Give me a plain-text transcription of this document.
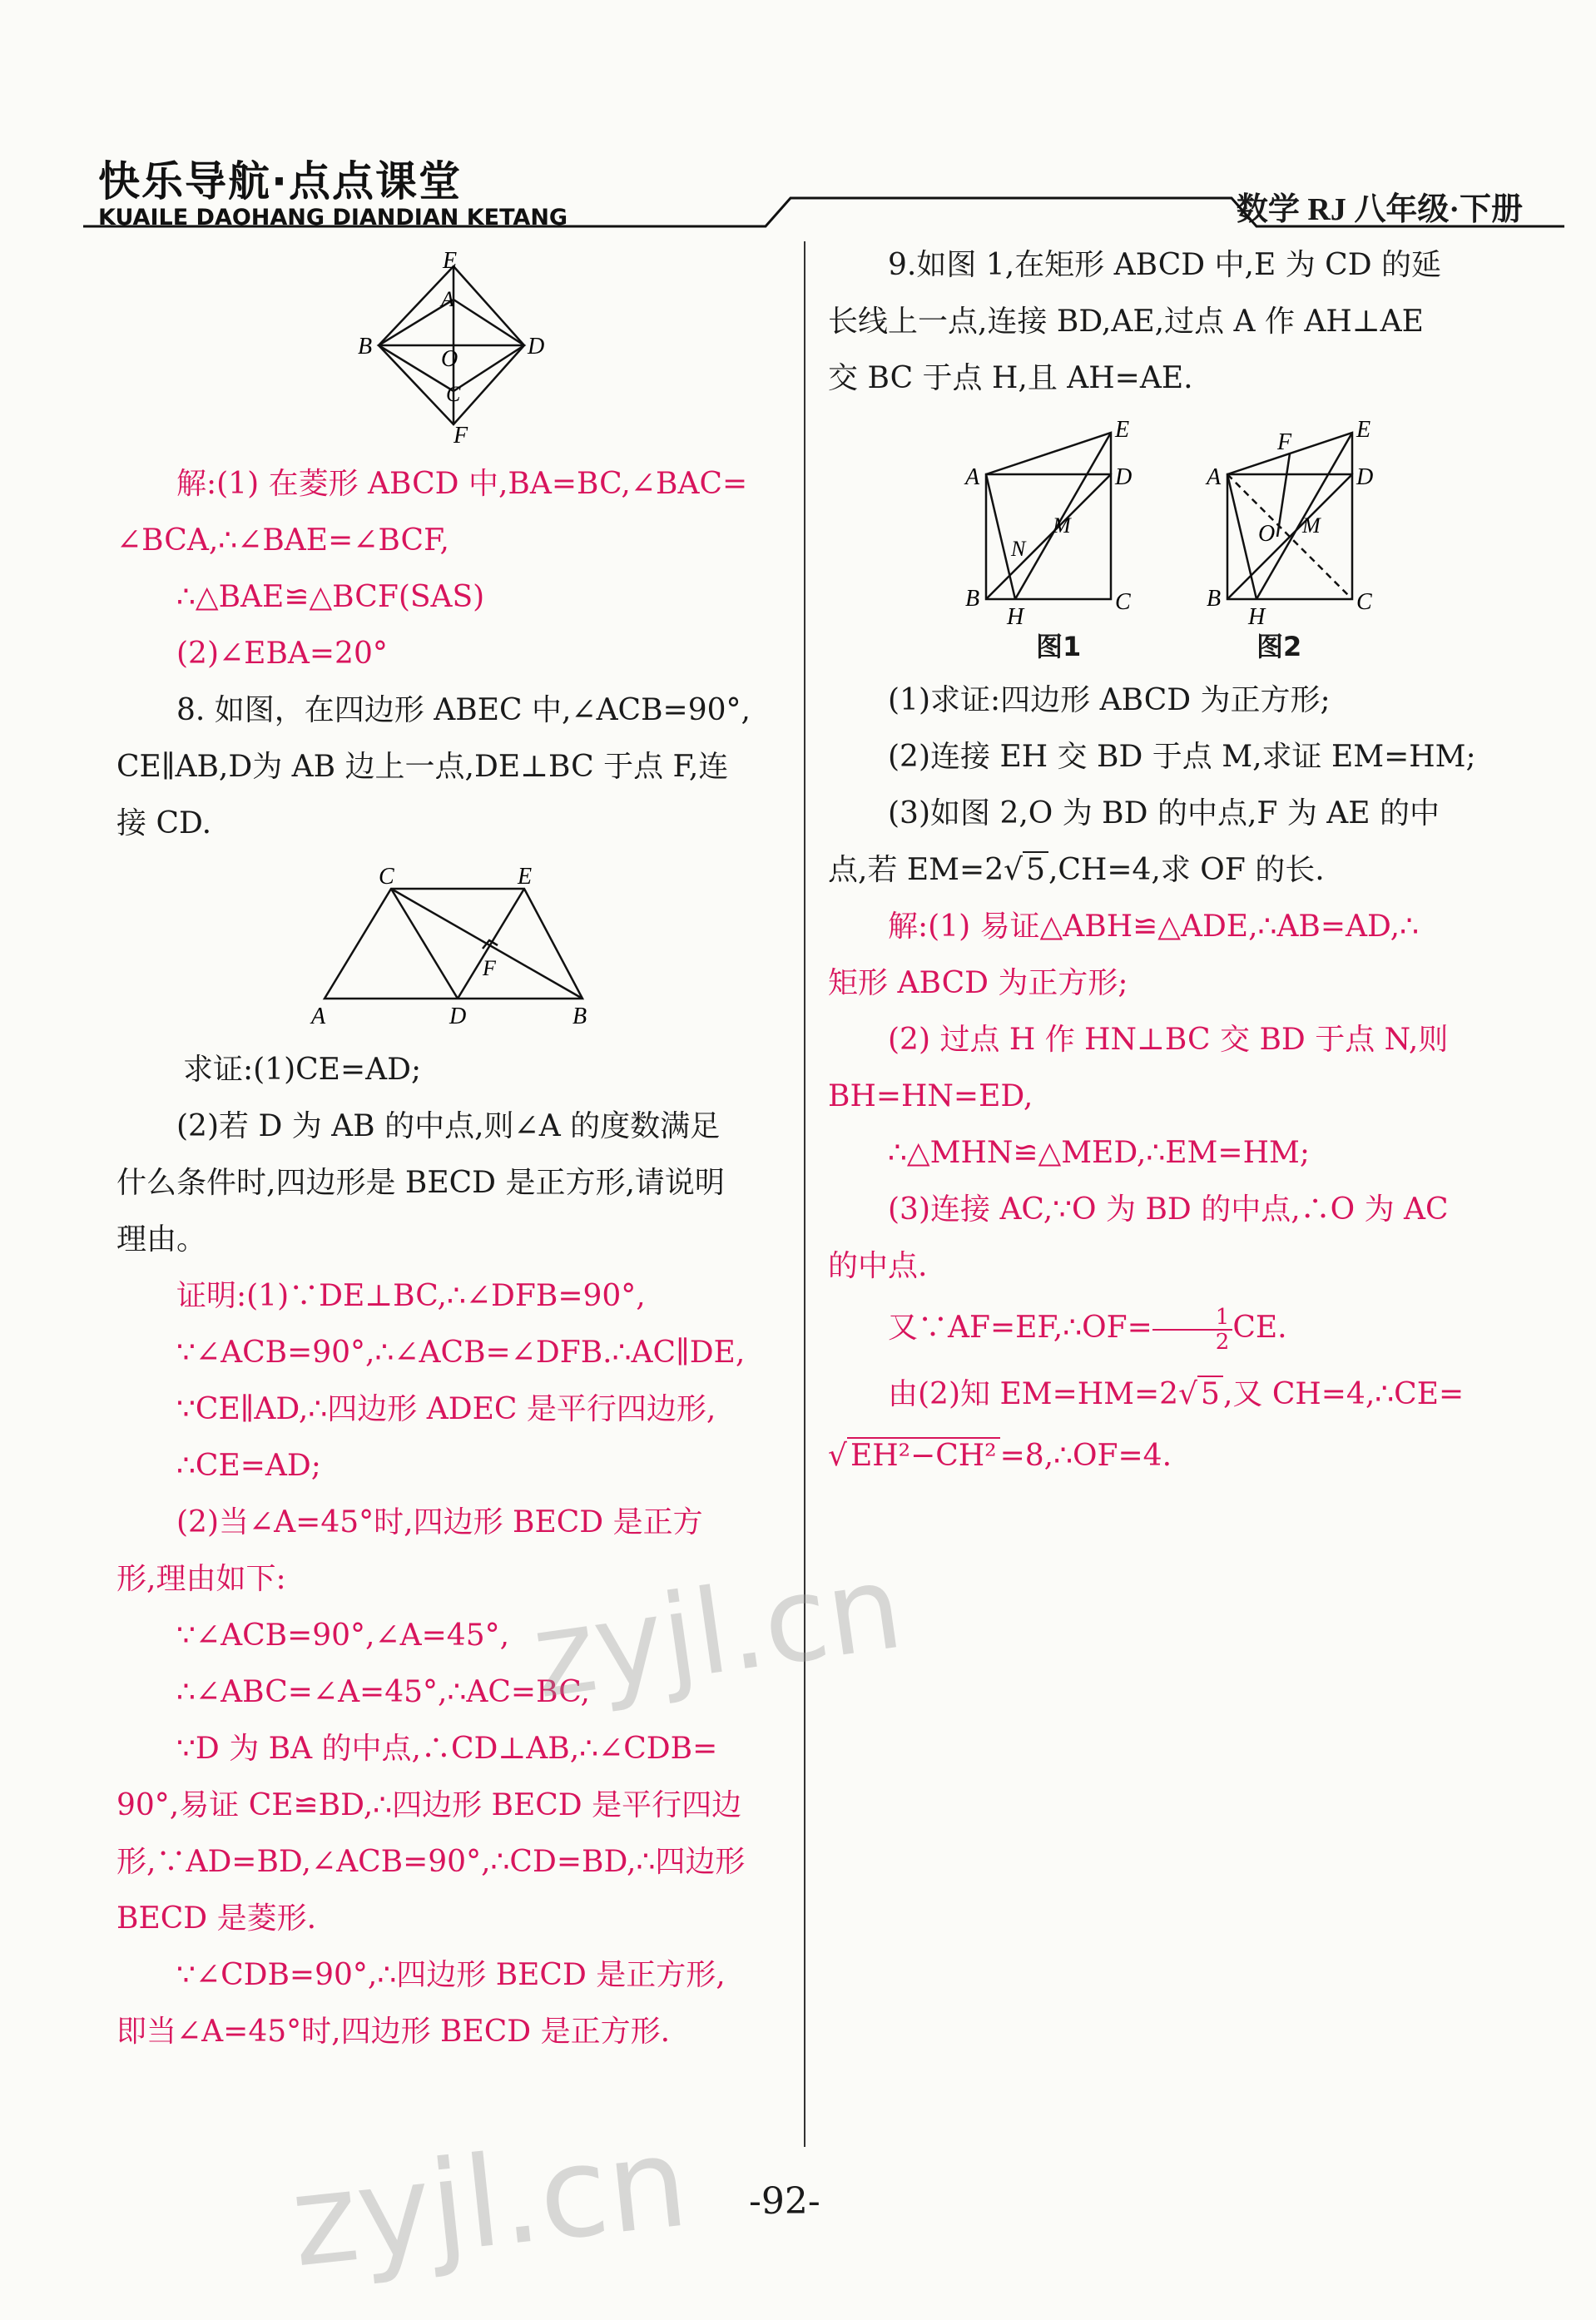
快乐导航·点点课堂
KUAILE DAOHANG DIANDIAN KETANG	数学 RJ 八年级·下册
E
A
B	D
O
C
F

解:(1) 在菱形 ABCD 中,BA=BC,∠BAC=

∠BCA,∴∠BAE=∠BCF,

∴△BAE≌△BCF(SAS)

(2)∠EBA=20°

8. 如图，在四边形 ABEC 中,∠ACB=90°,

CE∥AB,D为 AB 边上一点,DE⊥BC 于点 F,连

接 CD.

C	E
A	D	B
F

求证:(1)CE=AD;

(2)若 D 为 AB 的中点,则∠A 的度数满足

什么条件时,四边形是 BECD 是正方形,请说明

理由。

证明:(1)∵DE⊥BC,∴∠DFB=90°,

∵∠ACB=90°,∴∠ACB=∠DFB.∴AC∥DE,

∵CE∥AD,∴四边形 ADEC 是平行四边形,

∴CE=AD;

(2)当∠A=45°时,四边形 BECD 是正方

形,理由如下:

∵∠ACB=90°,∠A=45°,

∴∠ABC=∠A=45°,∴AC=BC,

∵D 为 BA 的中点,∴CD⊥AB,∴∠CDB=

90°,易证 CE≌BD,∴四边形 BECD 是平行四边

形,∵AD=BD,∠ACB=90°,∴CD=BD,∴四边形

BECD 是菱形.

∵∠CDB=90°,∴四边形 BECD 是正方形,

即当∠A=45°时,四边形 BECD 是正方形.

9.如图 1,在矩形 ABCD 中,E 为 CD 的延

长线上一点,连接 BD,AE,过点 A 作 AH⊥AE

交 BC 于点 H,且 AH=AE.

E
A	D
M
N
B
H
C
图1
F	E
A	D
O M
B
H
C
图2

(1)求证:四边形 ABCD 为正方形;

(2)连接 EH 交 BD 于点 M,求证 EM=HM;

(3)如图 2,O 为 BD 的中点,F 为 AE 的中

点,若 EM=2√ 5 ,CH=4,求 OF 的长.

解:(1) 易证△ABH≌△ADE,∴AB=AD,∴

矩形 ABCD 为正方形;

(2) 过点 H 作 HN⊥BC 交 BD 于点 N,则

BH=HN=ED,

∴△MHN≌△MED,∴EM=HM;

(3)连接 AC,∵O 为 BD 的中点,∴O 为 AC

的中点.

又∵AF=EF,∴OF= $\frac{1}{2}$ CE.

由(2)知 EM=HM=2√ 5 ,又 CH=4,∴CE=

√ EH²−CH² =8,∴OF=4.

-92-
zyjl.cn
zyjl.cn
